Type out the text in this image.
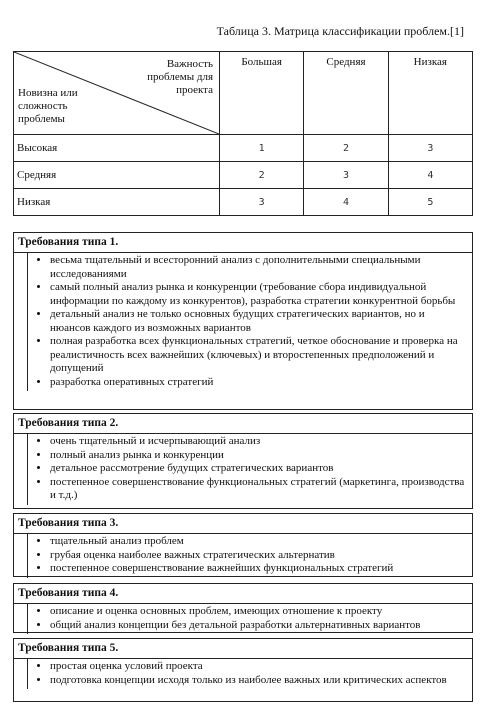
Таблица 3. Матрица классификации проблем.[1]
Важность проблемы для проекта
Новизна или сложность проблемы	Большая	Средняя	Низкая
Высокая	1	2	3
Средняя	2	3	4
Низкая	3	4	5
Требования типа 1.
• весьма тщательный и всесторонний анализ с дополнительными специальными исследованиями
• самый полный анализ рынка и конкуренции (требование сбора индивидуальной информации по каждому из конкурентов), разработка стратегии конкурентной борьбы
• детальный анализ не только основных будущих стратегических вариантов, но и нюансов каждого из возможных вариантов
• полная разработка всех функциональных стратегий, четкое обоснование и проверка на реалистичность всех важнейших (ключевых) и второстепенных предположений и допущений
• разработка оперативных стратегий
Требования типа 2.
• очень тщательный и исчерпывающий анализ
• полный анализ рынка и конкуренции
• детальное рассмотрение будущих стратегических вариантов
• постепенное совершенствование функциональных стратегий (маркетинга, производства и т.д.)
Требования типа 3.
• тщательный анализ проблем
• грубая оценка наиболее важных стратегических альтернатив
• постепенное совершенствование важнейших функциональных стратегий
Требования типа 4.
• описание и оценка основных проблем, имеющих отношение к проекту
• общий анализ концепции без детальной разработки альтернативных вариантов
Требования типа 5.
• простая оценка условий проекта
• подготовка концепции исходя только из наиболее важных или критических аспектов
